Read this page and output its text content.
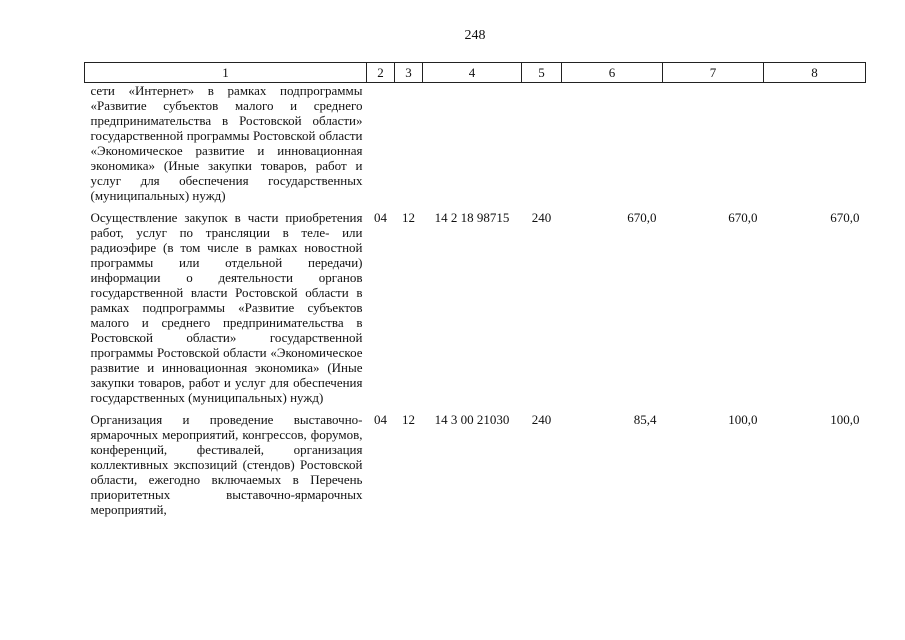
248
1	2	3	4	5	6	7	8
сети «Интернет» в рамках подпрограммы «Развитие субъектов малого и среднего предпринимательства в Ростовской области» государственной программы Ростовской области «Экономическое развитие и инновационная экономика» (Иные закупки товаров, работ и услуг для обеспечения государственных (муниципальных) нужд)							
Осуществление закупок в части приобретения работ, услуг по трансляции в теле- или радиоэфире (в том числе в рамках новостной программы или отдельной передачи) информации о деятельности органов государственной власти Ростовской области в рамках подпрограммы «Развитие субъектов малого и среднего предпринимательства в Ростовской области» государственной программы Ростовской области «Экономическое развитие и инновационная экономика» (Иные закупки товаров, работ и услуг для обеспечения государственных (муниципальных) нужд)	04	12	14 2 18 98715	240	670,0	670,0	670,0
Организация и проведение выставочно-ярмарочных мероприятий, конгрессов, форумов, конференций, фестивалей, организация коллективных экспозиций (стендов) Ростовской области, ежегодно включаемых в Перечень приоритетных выставочно-ярмарочных мероприятий,	04	12	14 3 00 21030	240	85,4	100,0	100,0
